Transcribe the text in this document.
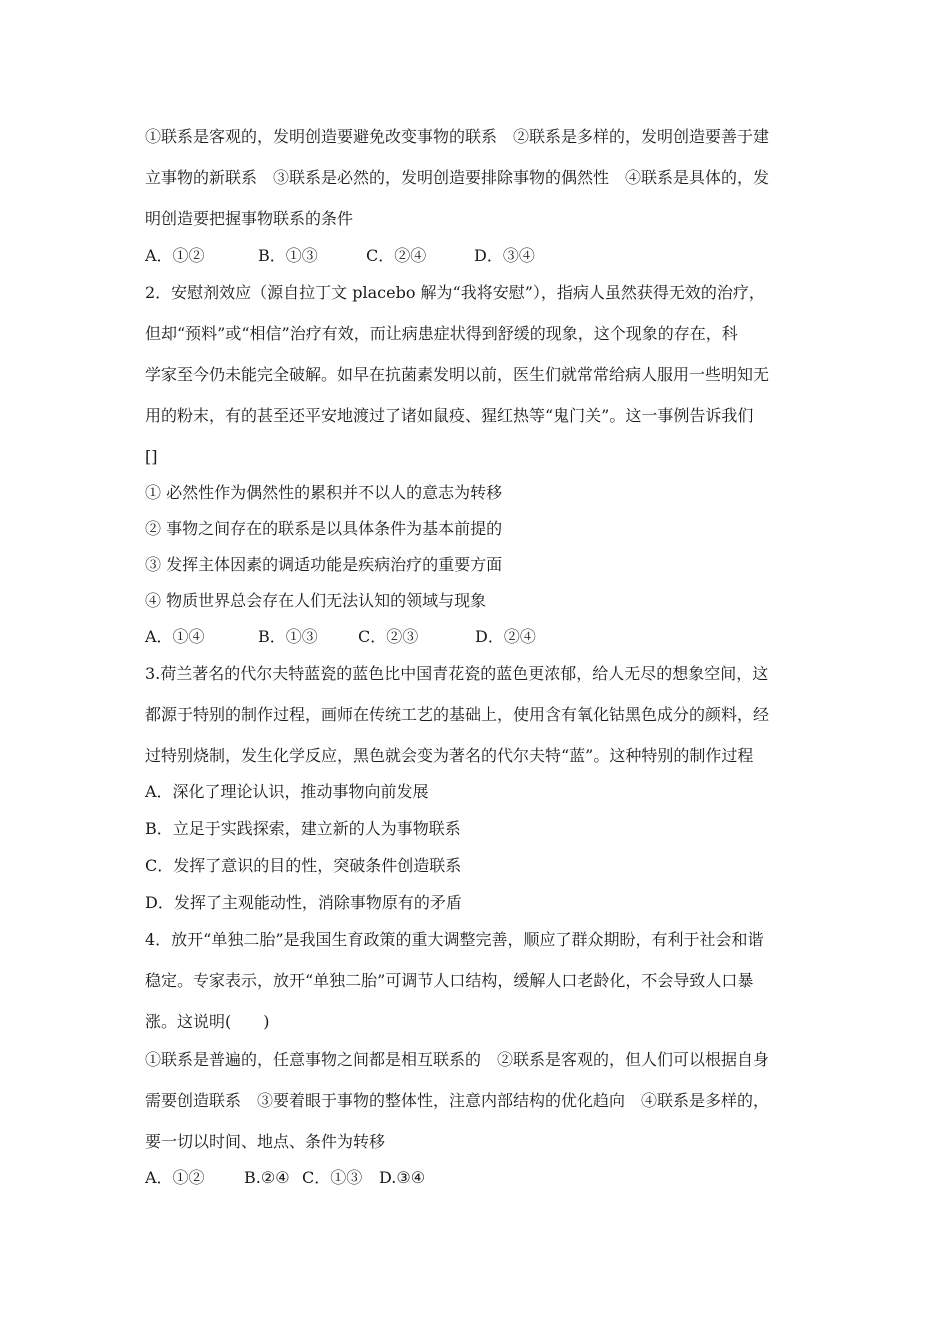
①联系是客观的，发明创造要避免改变事物的联系　②联系是多样的，发明创造要善于建
立事物的新联系　③联系是必然的，发明创造要排除事物的偶然性　④联系是具体的，发
明创造要把握事物联系的条件
A．①②	B．①③	C．②④	D．③④
2．安慰剂效应（源自拉丁文 placebo 解为“我将安慰”），指病人虽然获得无效的治疗，
但却“预料”或“相信”治疗有效，而让病患症状得到舒缓的现象，这个现象的存在，科
学家至今仍未能完全破解。如早在抗菌素发明以前，医生们就常常给病人服用一些明知无
用的粉末，有的甚至还平安地渡过了诸如鼠疫、猩红热等“鬼门关”。这一事例告诉我们
[]
① 必然性作为偶然性的累积并不以人的意志为转移
② 事物之间存在的联系是以具体条件为基本前提的
③ 发挥主体因素的调适功能是疾病治疗的重要方面
④ 物质世界总会存在人们无法认知的领域与现象
A．①④	B．①③	C．②③	D．②④
3.荷兰著名的代尔夫特蓝瓷的蓝色比中国青花瓷的蓝色更浓郁，给人无尽的想象空间，这
都源于特别的制作过程，画师在传统工艺的基础上，使用含有氧化钴黑色成分的颜料，经
过特别烧制，发生化学反应，黑色就会变为著名的代尔夫特“蓝”。这种特别的制作过程
A．深化了理论认识，推动事物向前发展
B．立足于实践探索，建立新的人为事物联系
C．发挥了意识的目的性，突破条件创造联系
D．发挥了主观能动性，消除事物原有的矛盾
4．放开“单独二胎”是我国生育政策的重大调整完善，顺应了群众期盼，有利于社会和谐
稳定。专家表示，放开“单独二胎”可调节人口结构，缓解人口老龄化，不会导致人口暴
涨。这说明(　　)
①联系是普遍的，任意事物之间都是相互联系的　②联系是客观的，但人们可以根据自身
需要创造联系　③要着眼于事物的整体性，注意内部结构的优化趋向　④联系是多样的，
要一切以时间、地点、条件为转移
A．①② B.②④ C．①③ D.③④
